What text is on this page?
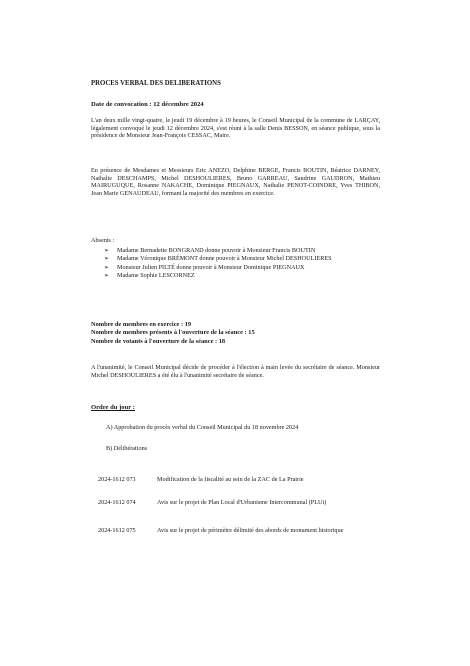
PROCES VERBAL DES DELIBERATIONS
Date de convocation : 12 décembre 2024

L'an deux mille vingt-quatre, le jeudi 19 décembre à 19 heures, le Conseil Municipal de la commune de LARÇAY, légalement convoqué le jeudi 12 décembre 2024, s'est réuni à la salle Denis BESSON, en séance publique, sous la présidence de Monsieur Jean-François CESSAC, Maire.

En présence de Mesdames et Messieurs Eric ANEZO, Delphine BERGE, Francis BOUTIN, Béatrice DARNEY, Nathalie DESCHAMPS, Michel DESHOULIERES, Bruno GARREAU, Sandrine GAUDRON, Mathieu MAIRUGUQUE, Rosanne NAKACHE, Dominique PIEGNAUX, Nathalie PENOT-COINDRE, Yves THIBON, Jean Marie GENAUDEAU, formant la majorité des membres en exercice.

Absents :
➢ Madame Bernadette BONGRAND donne pouvoir à Monsieur Francis BOUTIN
➢ Madame Véronique BRÉMONT donne pouvoir à Monsieur Michel DESHOULIERES
➢ Monsieur Julien PILTÉ donne pouvoir à Monsieur Dominique PIEGNAUX
➢ Madame Sophie LESCORNEZ
Nombre de membres en exercice : 19
Nombre de membres présents à l'ouverture de la séance : 15
Nombre de votants à l'ouverture de la séance : 18

A l'unanimité, le Conseil Municipal décide de procéder à l'élection à main levée du secrétaire de séance. Monsieur Michel DESHOULIERES a été élu à l'unanimité secrétaire de séance.

Ordre du jour :
A) Approbation du procès verbal du Conseil Municipal du 18 novembre 2024
B) Délibérations
2024-1612 073	Modification de la fiscalité au sein de la ZAC de La Prairie
2024-1612 074	Avis sur le projet de Plan Local d'Urbanisme Intercommunal (PLUi)
2024-1612 075	Avis sur le projet de périmètre délimité des abords de monument historique
